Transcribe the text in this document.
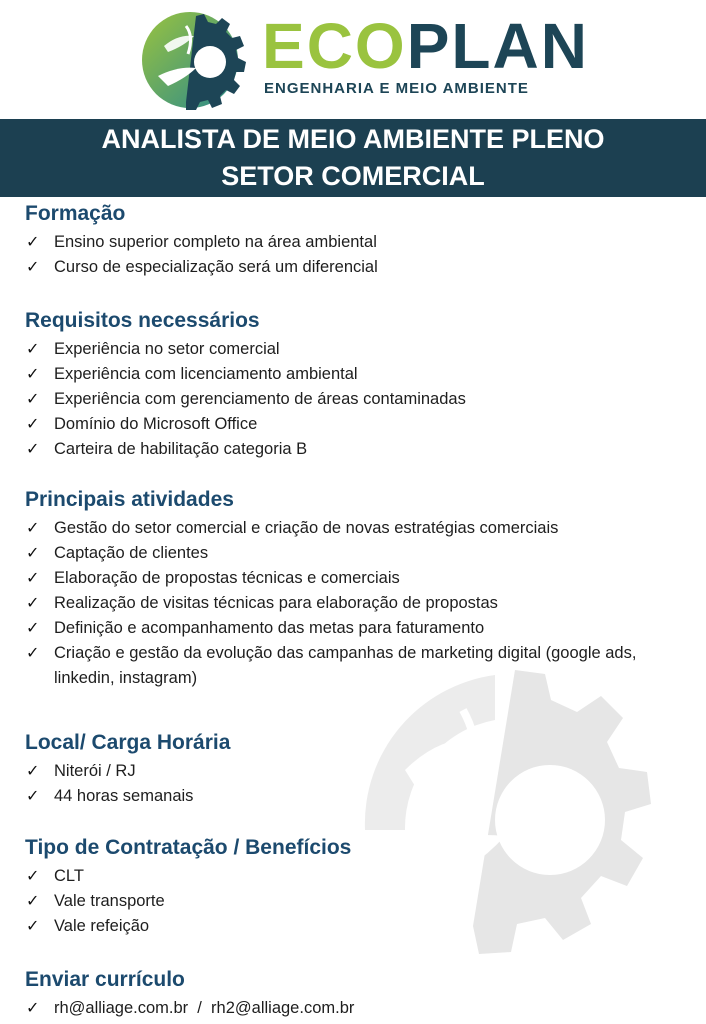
ECOPLAN
ENGENHARIA E MEIO AMBIENTE
ANALISTA DE MEIO AMBIENTE PLENO
SETOR COMERCIAL
Formação
✓ Ensino superior completo na área ambiental
✓ Curso de especialização será um diferencial
Requisitos necessários
✓ Experiência no setor comercial
✓ Experiência com licenciamento ambiental
✓ Experiência com gerenciamento de áreas contaminadas
✓ Domínio do Microsoft Office
✓ Carteira de habilitação categoria B
Principais atividades
✓ Gestão do setor comercial e criação de novas estratégias comerciais
✓ Captação de clientes
✓ Elaboração de propostas técnicas e comerciais
✓ Realização de visitas técnicas para elaboração de propostas
✓ Definição e acompanhamento das metas para faturamento
✓ Criação e gestão da evolução das campanhas de marketing digital (google ads, linkedin, instagram)
Local/ Carga Horária
✓ Niterói / RJ
✓ 44 horas semanais
Tipo de Contratação / Benefícios
✓ CLT
✓ Vale transporte
✓ Vale refeição
Enviar currículo
✓ rh@alliage.com.br  /  rh2@alliage.com.br
